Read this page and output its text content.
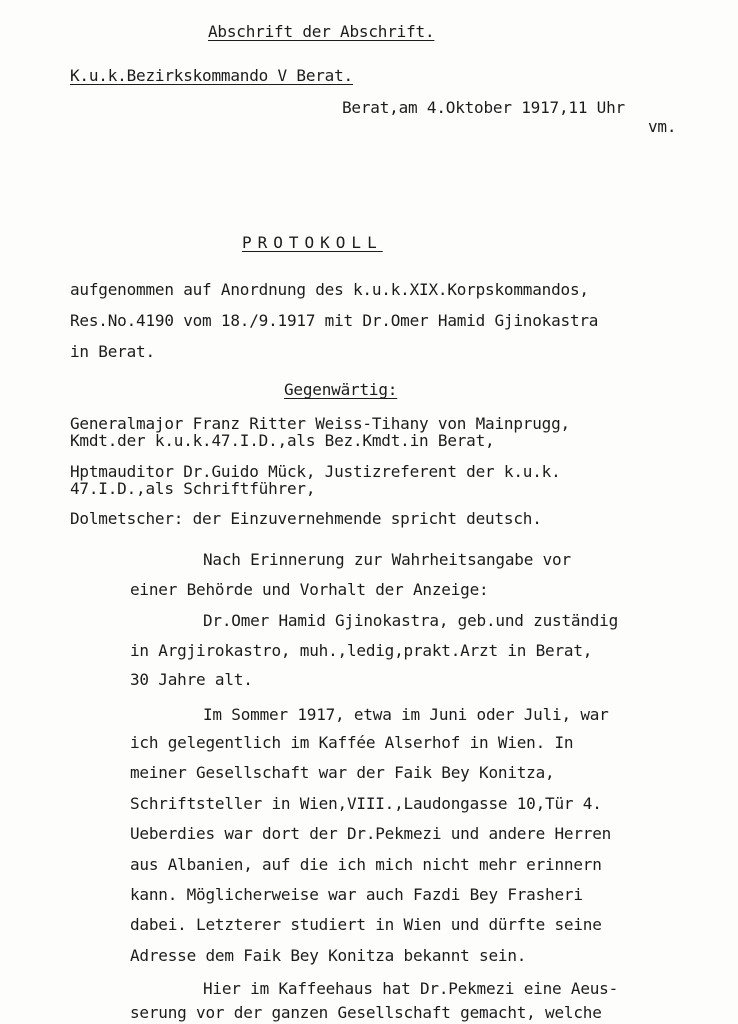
Abschrift der Abschrift.
K.u.k.Bezirkskommando V Berat.
Berat,am 4.Oktober 1917,11 Uhr
vm.
PROTOKOLL
aufgenommen auf Anordnung des k.u.k.XIX.Korpskommandos,
Res.No.4190 vom 18./9.1917 mit Dr.Omer Hamid Gjinokastra
in Berat.
Gegenwärtig:
Generalmajor Franz Ritter Weiss-Tihany von Mainprugg,
Kmdt.der k.u.k.47.I.D.,als Bez.Kmdt.in Berat,
Hptmauditor Dr.Guido Mück, Justizreferent der k.u.k.
47.I.D.,als Schriftführer,
Dolmetscher: der Einzuvernehmende spricht deutsch.
Nach Erinnerung zur Wahrheitsangabe vor
einer Behörde und Vorhalt der Anzeige:
Dr.Omer Hamid Gjinokastra, geb.und zuständig
in Argjirokastro, muh.,ledig,prakt.Arzt in Berat,
30 Jahre alt.
Im Sommer 1917, etwa im Juni oder Juli, war
ich gelegentlich im Kaffée Alserhof in Wien. In
meiner Gesellschaft war der Faik Bey Konitza,
Schriftsteller in Wien,VIII.,Laudongasse 10,Tür 4.
Ueberdies war dort der Dr.Pekmezi und andere Herren
aus Albanien, auf die ich mich nicht mehr erinnern
kann. Möglicherweise war auch Fazdi Bey Frasheri
dabei. Letzterer studiert in Wien und dürfte seine
Adresse dem Faik Bey Konitza bekannt sein.
Hier im Kaffeehaus hat Dr.Pekmezi eine Aeus-
serung vor der ganzen Gesellschaft gemacht, welche
